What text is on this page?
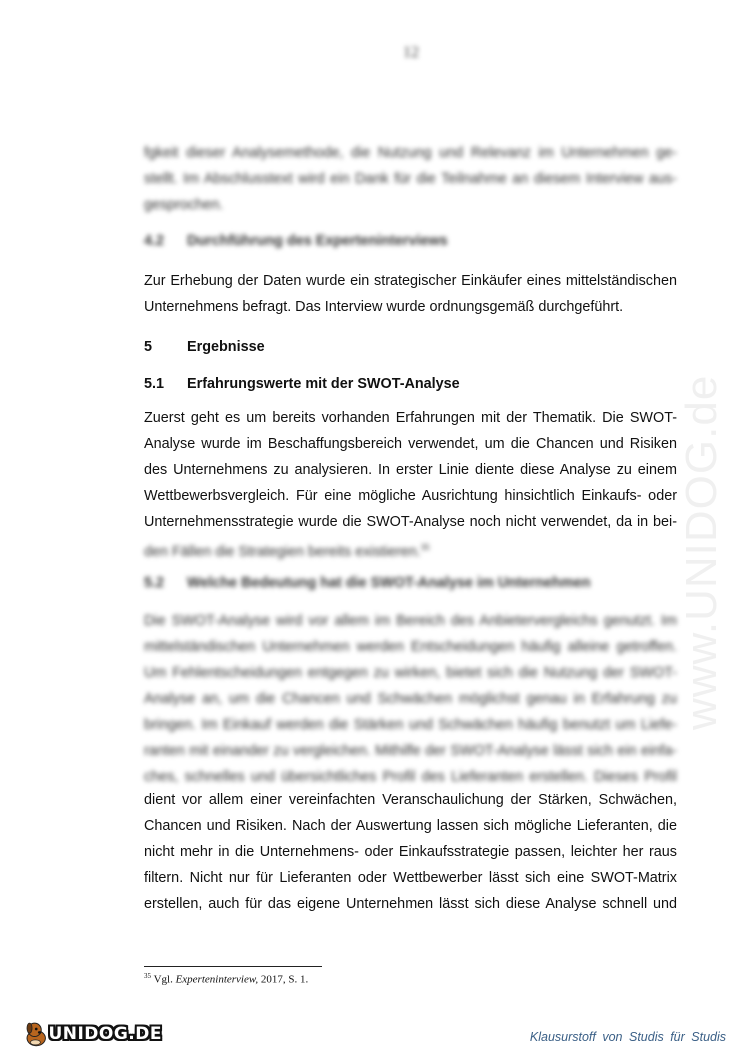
12
www.UNIDOG.de
fgkeit dieser Analysemethode, die Nutzung und Relevanz im Unternehmen ge-
stellt. Im Abschlusstext wird ein Dank für die Teilnahme an diesem Interview aus-
gesprochen.
4.2 Durchführung des Experteninterviews
Zur Erhebung der Daten wurde ein strategischer Einkäufer eines mittelständischen
Unternehmens befragt. Das Interview wurde ordnungsgemäß durchgeführt.
5 Ergebnisse
5.1 Erfahrungswerte mit der SWOT-Analyse
Zuerst geht es um bereits vorhanden Erfahrungen mit der Thematik. Die SWOT-
Analyse wurde im Beschaffungsbereich verwendet, um die Chancen und Risiken
des Unternehmens zu analysieren. In erster Linie diente diese Analyse zu einem
Wettbewerbsvergleich. Für eine mögliche Ausrichtung hinsichtlich Einkaufs- oder
Unternehmensstrategie wurde die SWOT-Analyse noch nicht verwendet, da in bei-
den Fällen die Strategien bereits existieren.$^{35}$
5.2 Welche Bedeutung hat die SWOT-Analyse im Unternehmen
Die SWOT-Analyse wird vor allem im Bereich des Anbietervergleichs genutzt. Im
mittelständischen Unternehmen werden Entscheidungen häufig alleine getroffen.
Um Fehlentscheidungen entgegen zu wirken, bietet sich die Nutzung der SWOT-
Analyse an, um die Chancen und Schwächen möglichst genau in Erfahrung zu
bringen. Im Einkauf werden die Stärken und Schwächen häufig benutzt um Liefe-
ranten mit einander zu vergleichen. Mithilfe der SWOT-Analyse lässt sich ein einfa-
ches, schnelles und übersichtliches Profil des Lieferanten erstellen. Dieses Profil
dient vor allem einer vereinfachten Veranschaulichung der Stärken, Schwächen,
Chancen und Risiken. Nach der Auswertung lassen sich mögliche Lieferanten, die
nicht mehr in die Unternehmens- oder Einkaufsstrategie passen, leichter her raus
filtern. Nicht nur für Lieferanten oder Wettbewerber lässt sich eine SWOT-Matrix
erstellen, auch für das eigene Unternehmen lässt sich diese Analyse schnell und
$^{35}$ Vgl. Experteninterview, 2017, S. 1.
UNIDOG.DE	Klausurstoff von Studis für Studis
